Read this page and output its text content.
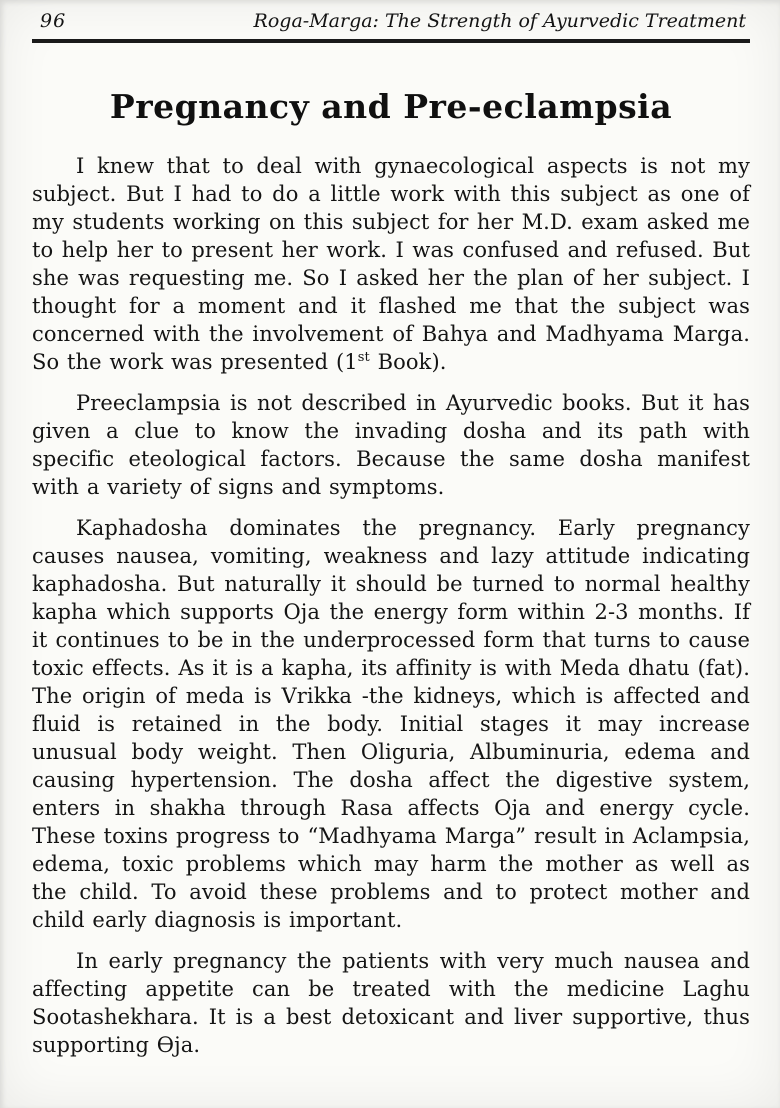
96	Roga-Marga: The Strength of Ayurvedic Treatment
Pregnancy and Pre-eclampsia

I knew that to deal with gynaecological aspects is not my subject. But I had to do a little work with this subject as one of my students working on this subject for her M.D. exam asked me to help her to present her work. I was confused and refused. But she was requesting me. So I asked her the plan of her subject. I thought for a moment and it flashed me that the subject was concerned with the involvement of Bahya and Madhyama Marga. So the work was presented (1st Book).

Preeclampsia is not described in Ayurvedic books. But it has given a clue to know the invading dosha and its path with specific eteological factors. Because the same dosha manifest with a variety of signs and symptoms.

Kaphadosha dominates the pregnancy. Early pregnancy causes nausea, vomiting, weakness and lazy attitude indicating kaphadosha. But naturally it should be turned to normal healthy kapha which supports Oja the energy form within 2-3 months. If it continues to be in the underprocessed form that turns to cause toxic effects. As it is a kapha, its affinity is with Meda dhatu (fat). The origin of meda is Vrikka -the kidneys, which is affected and fluid is retained in the body. Initial stages it may increase unusual body weight. Then Oliguria, Albuminuria, edema and causing hypertension. The dosha affect the digestive system, enters in shakha through Rasa affects Oja and energy cycle. These toxins progress to “Madhyama Marga” result in Aclampsia, edema, toxic problems which may harm the mother as well as the child. To avoid these problems and to protect mother and child early diagnosis is important.

In early pregnancy the patients with very much nausea and affecting appetite can be treated with the medicine Laghu Sootashekhara. It is a best detoxicant and liver supportive, thus supporting Ɵja.
